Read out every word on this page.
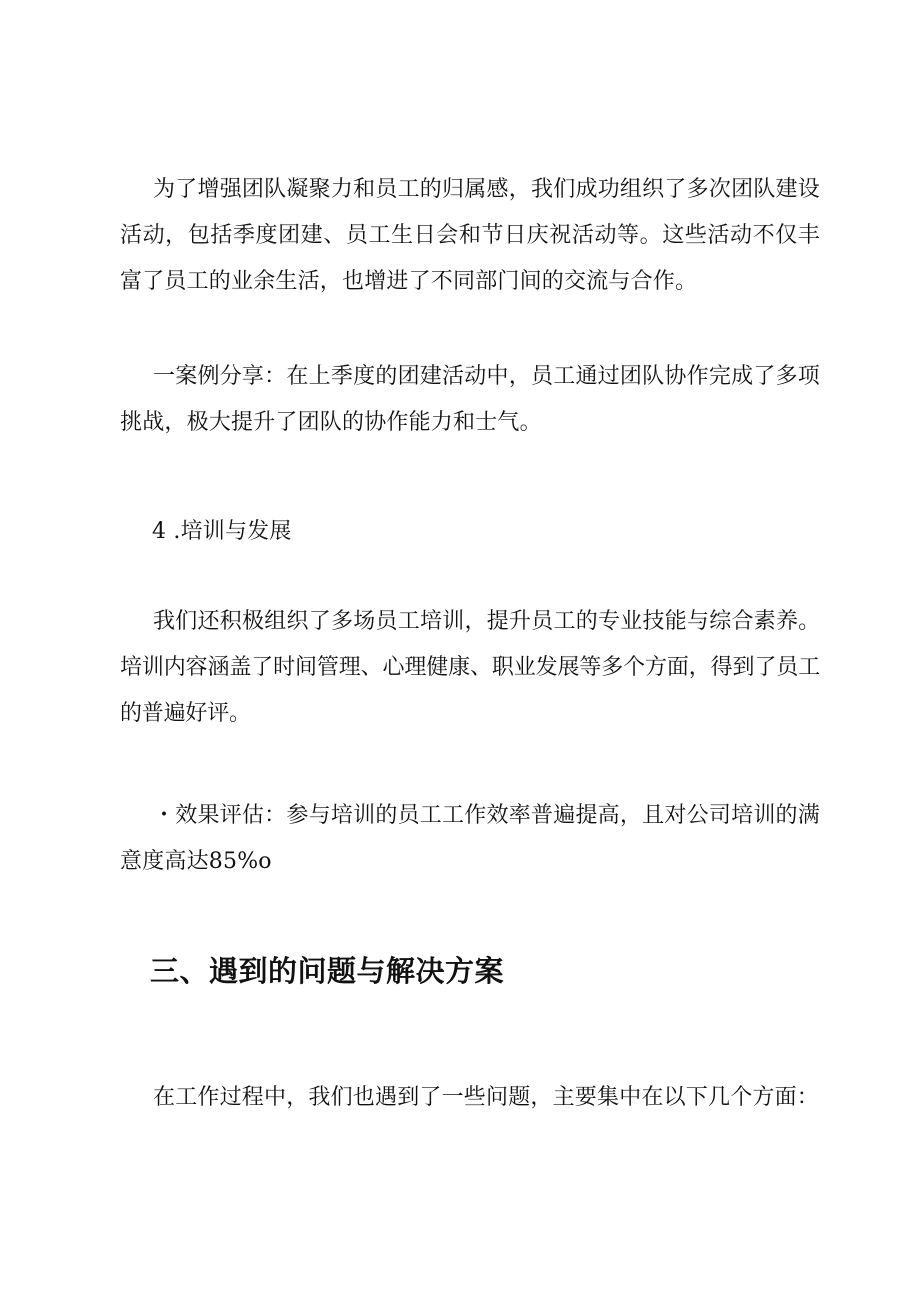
为了增强团队凝聚力和员工的归属感，我们成功组织了多次团队建设活动，包括季度团建、员工生日会和节日庆祝活动等。这些活动不仅丰富了员工的业余生活，也增进了不同部门间的交流与合作。

一案例分享：在上季度的团建活动中，员工通过团队协作完成了多项挑战，极大提升了团队的协作能力和士气。

4 .培训与发展

我们还积极组织了多场员工培训，提升员工的专业技能与综合素养。培训内容涵盖了时间管理、心理健康、职业发展等多个方面，得到了员工的普遍好评。

・效果评估：参与培训的员工工作效率普遍提高，且对公司培训的满意度高达85%o

三、遇到的问题与解决方案

在工作过程中，我们也遇到了一些问题，主要集中在以下几个方面：
